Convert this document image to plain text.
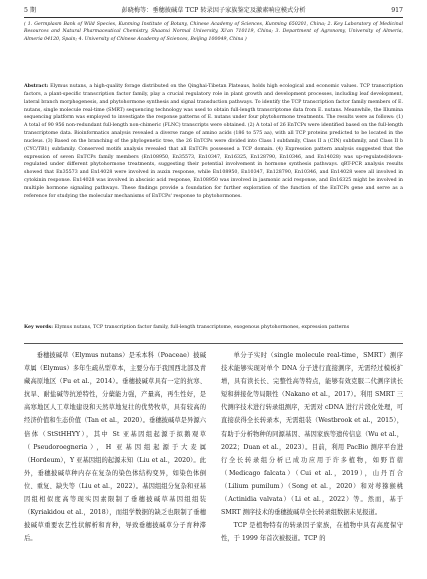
5 期	彭晓梅等：垂穗披碱草 TCP 转录因子家族鉴定及激素响应模式分析	917
( 1. Germplasm Bank of Wild Species, Kunming Institute of Botany, Chinese Academy of Sciences, Kunming 650201, China; 2. Key Laboratory of Medicinal Resources and Natural Pharmaceutical Chemistry, Shaanxi Normal University, Xi'an 710119, China; 3. Department of Agronomy, University of Almeria, Almeria 04120, Spain; 4. University of Chinese Academy of Sciences, Beijing 100049, China )
Abstract: Elymus nutans, a high-quality forage distributed on the Qinghai-Tibetan Plateaus, holds high ecological and economic values. TCP transcription factors, a plant-specific transcription factor family, play a crucial regulatory role in plant growth and development processes, including leaf development, lateral branch morphogenesis, and phytohormone synthesis and signal transduction pathways. To identify the TCP transcription factor family members of E. nutans, single molecule real-time (SMRT) sequencing technology was used to obtain full-length transcriptome data from E. nutans. Meanwhile, the Illumina sequencing platform was employed to investigate the response patterns of E. nutans under four phytohormone treatments. The results were as follows: (1) A total of 90 956 non-redundant full-length non-chimeric (FLNC) transcripts were obtained. (2) A total of 26 EnTCPs were identified based on the full-length transcriptome data. Bioinformatics analysis revealed a diverse range of amino acids (186 to 575 aa), with all TCP proteins predicted to be located in the nucleus. (3) Based on the branching of the phylogenetic tree, the 26 EnTCPs were divided into Class I subfamily, Class II a (CIN) subfamily, and Class II b (CYC/TB1) subfamily. Conserved motifs analysis revealed that all EnTCPs possessed a TCP domain. (4) Expression pattern analysis suggested that the expression of seven EnTCPs family members (En108950, En35573, En10347, En16325, En128790, En10346, and En14028) was up-regulated/down-regulated under different phytohormone treatments, suggesting their potential involvement in hormone synthesis pathways. qRT-PCR analysis results showed that En35573 and En14028 were involved in auxin response, while En108950, En10347, En128790, En10346, and En14028 were all involved in cytokinin response. En14028 was involved in abscisic acid response, En108950 was involved in jasmonic acid response, and En16325 might be involved in multiple hormone signaling pathways. These findings provide a foundation for further exploration of the function of the EnTCPs gene and serve as a reference for studying the molecular mechanisms of EnTCPs' response to phytohormones.
Key words: Elymus nutans, TCP transcription factor family, full-length transcriptome, exogenous phytohormones, expression patterns

垂穗披碱草（Elymus nutans）是禾本科（Poaceae）披碱草属（Elymus）多年生疏丛型草本，主要分布于我国西北部及青藏高原地区（Fu et al.，2014）。垂穗披碱草具有一定的抗寒、抗旱、耐盐碱等抗逆特性，分蘖能力强，产量高，再生性好，是高寒地区人工草地建设和天然草地复壮的优势牧草，具有较高的经济价值和生态价值（Tan et al.，2020）。垂穗披碱草是异源六倍体（StStHHYY），其中 St 亚基因组起源于拟鹅观草（Pseudoroegneria），H 亚基因组起源于大麦属（Hordeum），Y 亚基因组的起源未知（Liu et al.，2020）。此外，垂穗披碱草种内存在复杂的染色体结构变异，如染色体倒位、重复、缺失等（Liu et al.，2022）。基因组组分复杂和亚基因组相似度高等现实因素限制了垂穗披碱草基因组组装（Kyriakidou et al.，2018），而组学数据的缺乏也限制了垂穗披碱草重要农艺性状解析和育种，导致垂穗披碱草分子育种滞后。

单分子实时（single molecule real-time，SMRT）测序技术能够实现对单个 DNA 分子进行直接测序，无需经过模板扩增，具有读长长、完整性高等特点，能够有效克服二代测序读长短和拼接化等局限性（Nakano et al.，2017）。利用 SMRT 三代测序技术进行转录组测序，无需对 cDNA 进行片段化处理，可直接获得全长转录本，无需组装（Westbrook et al.，2015），有助于分析物种的同源基因、基因家族等遗传信息（Wu et al.，2022；Duan et al.，2023）。目前，利用 PacBio 测序平台进行全长转录组分析已成功应用于许多植物，如野苜蓿（Medicago falcata）（Cui et al.，2019），山丹百合（Lilium pumilum）（Song et al.，2020）和对萼猕猴桃（Actinidia valvata）（Li et al.，2022）等。然而，基于 SMRT 测序技术的垂穗披碱草全长转录组数据未见报道。

TCP 是植物特有的转录因子家族，在植物中具有高度保守性，于 1999 年首次被报道。TCP 的
